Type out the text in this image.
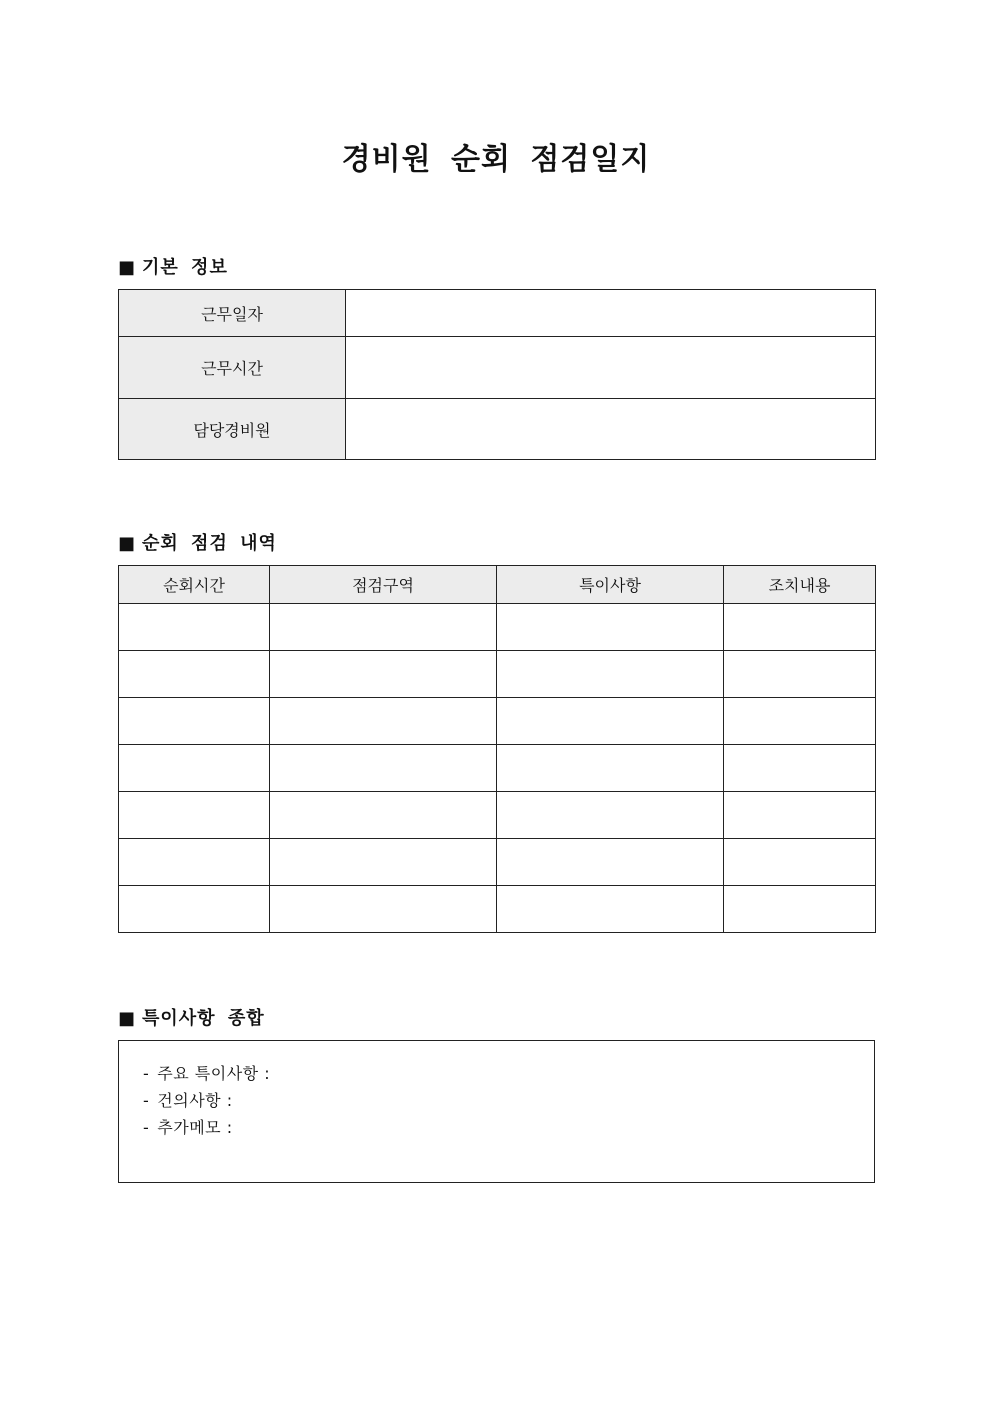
경비원 순회 점검일지
■ 기본 정보
근무일자	
근무시간	
담당경비원	
■ 순회 점검 내역
순회시간	점검구역	특이사항	조치내용

■ 특이사항 종합
- 주요 특이사항 :
- 건의사항 :
- 추가메모 :
